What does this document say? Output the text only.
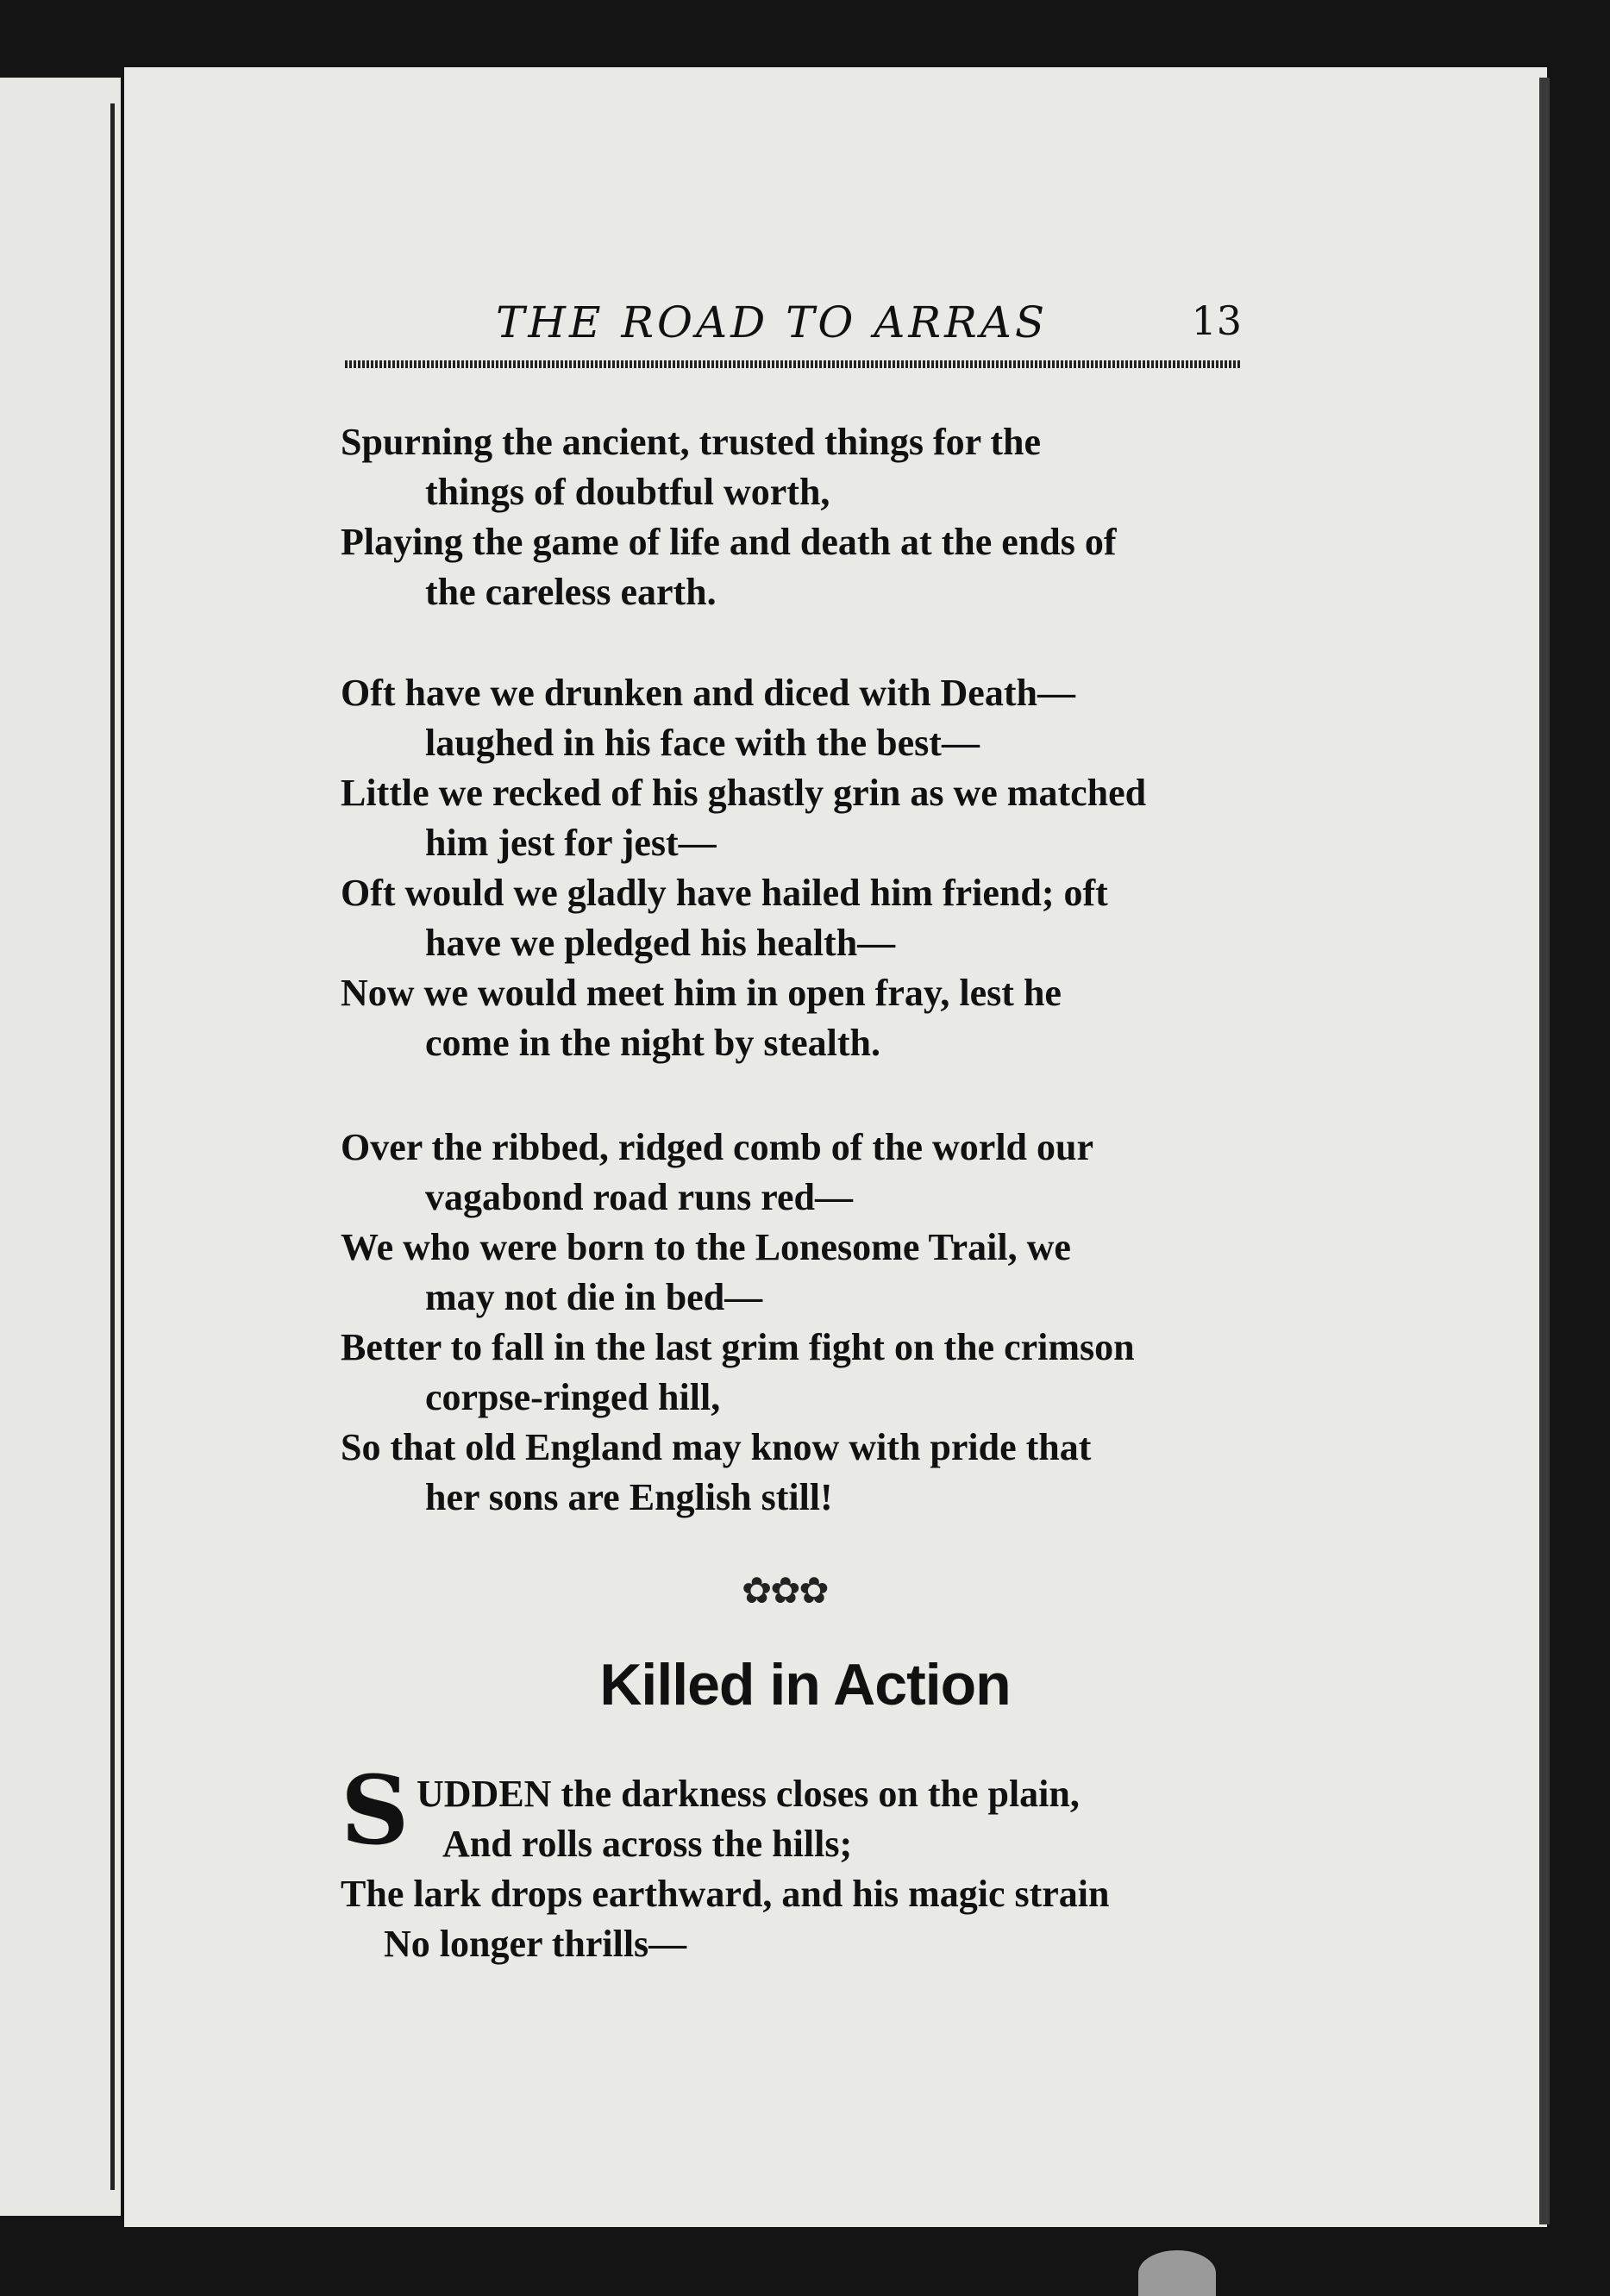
THE ROAD TO ARRAS	13
Spurning the ancient, trusted things for the
things of doubtful worth,
Playing the game of life and death at the ends of
the careless earth.
Oft have we drunken and diced with Death—
laughed in his face with the best—
Little we recked of his ghastly grin as we matched
him jest for jest—
Oft would we gladly have hailed him friend; oft
have we pledged his health—
Now we would meet him in open fray, lest he
come in the night by stealth.
Over the ribbed, ridged comb of the world our
vagabond road runs red—
We who were born to the Lonesome Trail, we
may not die in bed—
Better to fall in the last grim fight on the crimson
corpse-ringed hill,
So that old England may know with pride that
her sons are English still!
✿✿✿
Killed in Action
S UDDEN the darkness closes on the plain,
And rolls across the hills;
The lark drops earthward, and his magic strain
No longer thrills—
